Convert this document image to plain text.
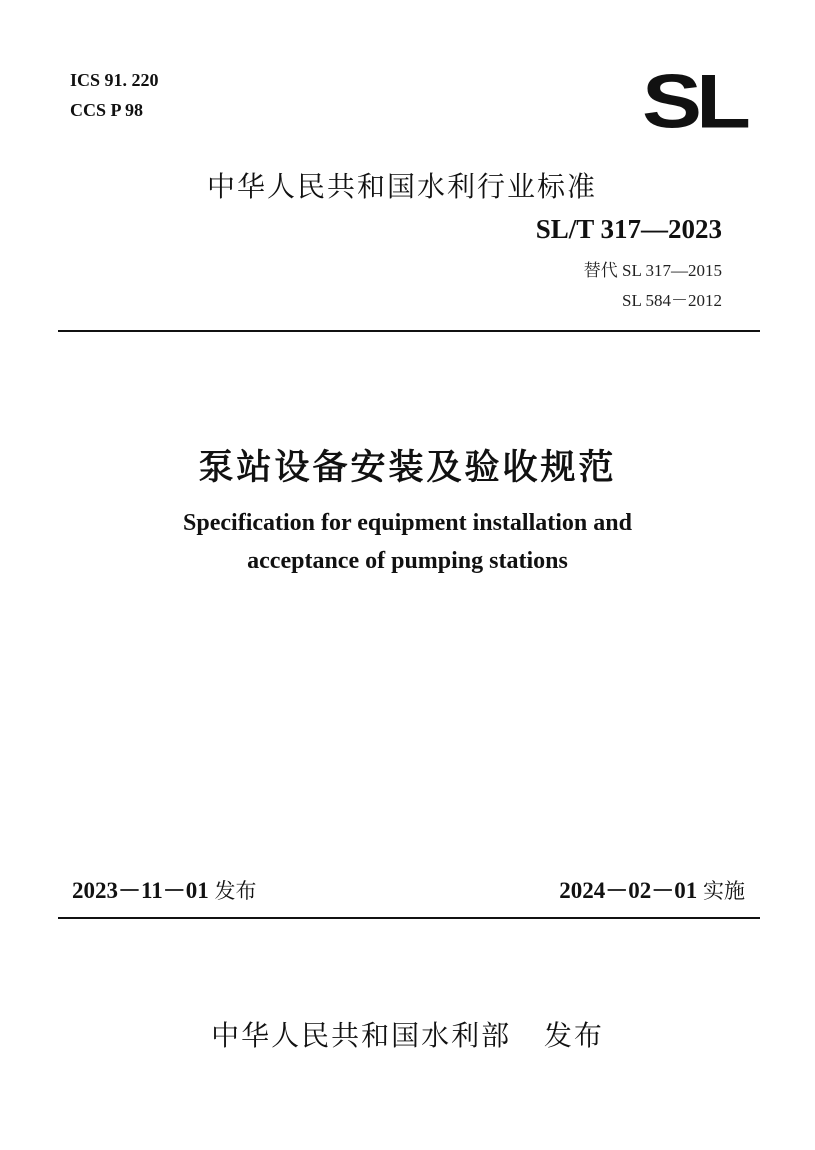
ICS 91. 220
CCS P 98	SL
中华人民共和国水利行业标准
SL/T 317—2023
替代 SL 317—2015
SL 584－2012
泵站设备安装及验收规范
Specification for equipment installation and
acceptance of pumping stations
2023－11－01 发布	2024－02－01 实施
中华人民共和国水利部 发布
